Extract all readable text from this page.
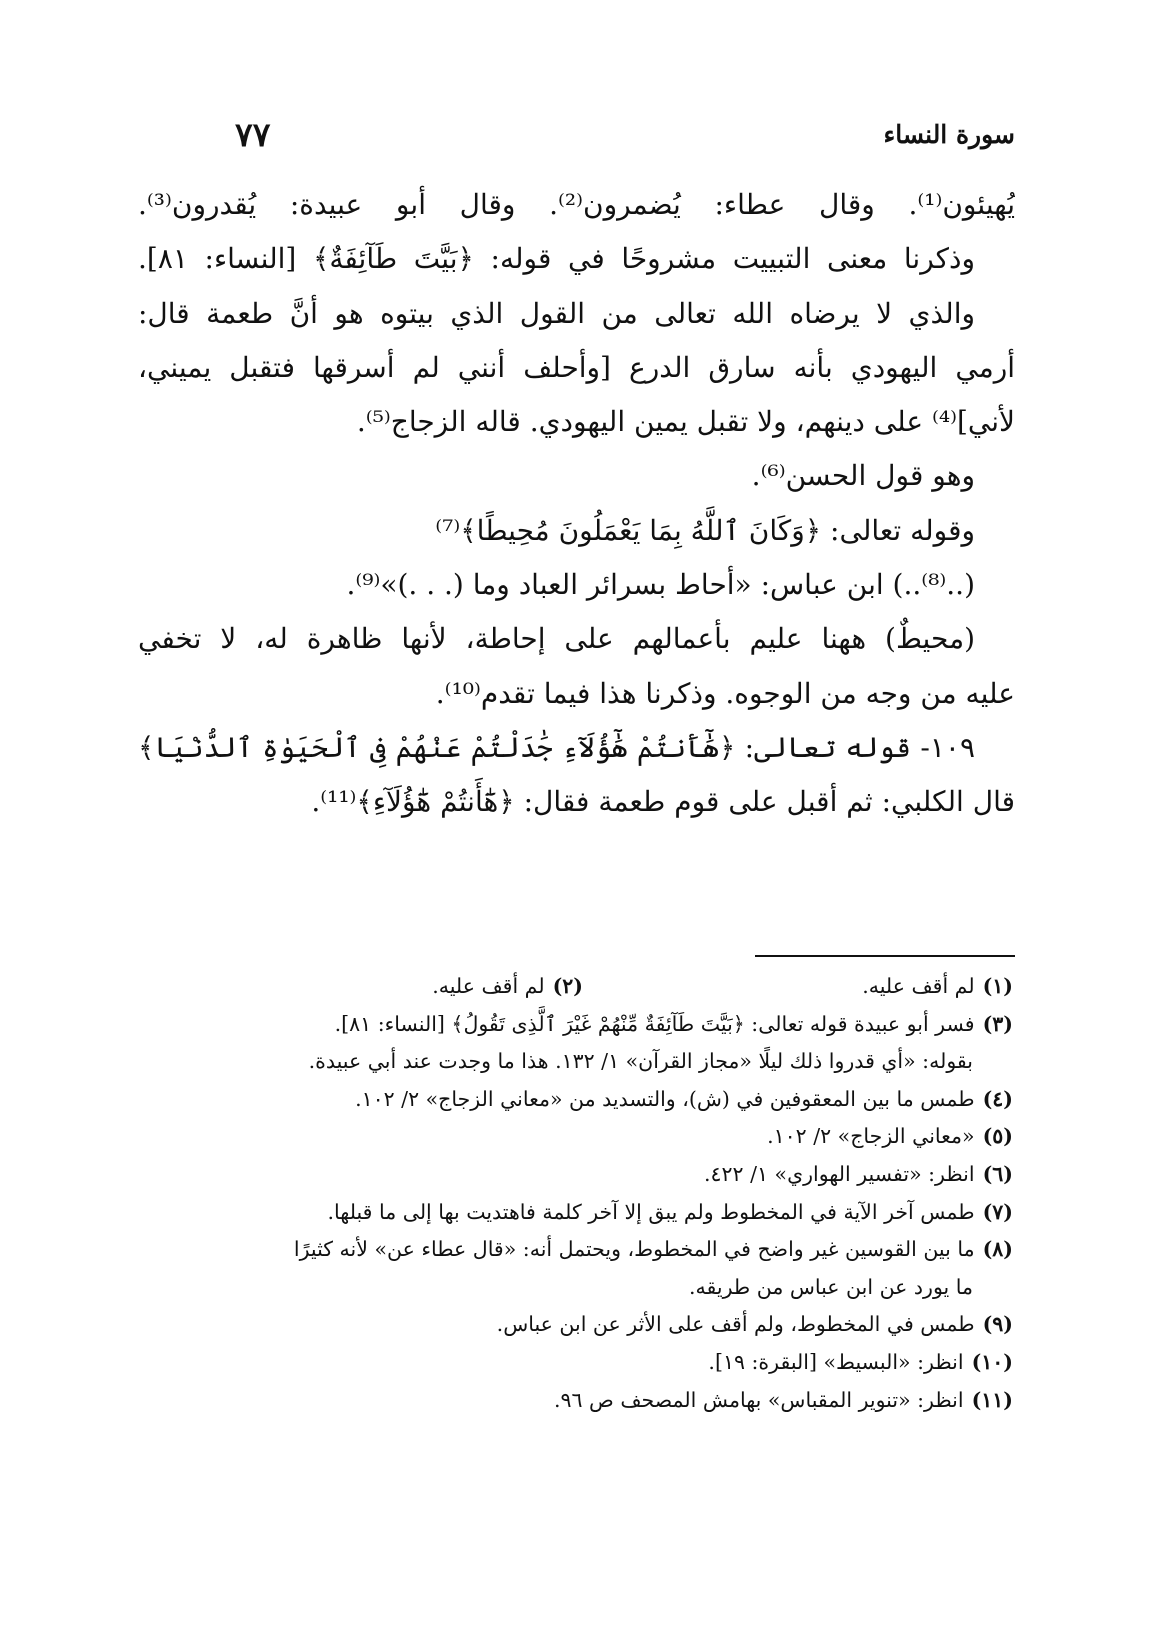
٧٧	سورة النساء
يُهيئون⁽¹⁾. وقال عطاء: يُضمرون⁽²⁾. وقال أبو عبيدة: يُقدرون⁽³⁾.
وذكرنا معنى التبييت مشروحًا في قوله: ﴿بَيَّتَ طَآئِفَةٌ﴾ [النساء: ٨١].
والذي لا يرضاه الله تعالى من القول الذي بيتوه هو أنَّ طعمة قال:
أرمي اليهودي بأنه سارق الدرع [وأحلف أنني لم أسرقها فتقبل يميني،
لأني]⁽⁴⁾ على دينهم، ولا تقبل يمين اليهودي. قاله الزجاج⁽⁵⁾.
وهو قول الحسن⁽⁶⁾.
وقوله تعالى: ﴿وَكَانَ ٱللَّهُ بِمَا يَعْمَلُونَ مُحِيطًا﴾⁽⁷⁾
(..⁽⁸⁾..) ابن عباس: «أحاط بسرائر العباد وما (. . .)»⁽⁹⁾.
(محيطٌ) ههنا عليم بأعمالهم على إحاطة، لأنها ظاهرة له، لا تخفي
عليه من وجه من الوجوه. وذكرنا هذا فيما تقدم⁽¹⁰⁾.
١٠٩- قوله تعالى: ﴿هَٰٓأَنتُمْ هَٰٓؤُلَآءِ جَٰدَلْتُمْ عَنْهُمْ فِى ٱلْحَيَوٰةِ ٱلدُّنْيَا﴾
قال الكلبي: ثم أقبل على قوم طعمة فقال: ﴿هَٰٓأَنتُمْ هَٰٓؤُلَآءِ﴾⁽¹¹⁾.
(١)لم أقف عليه.
(٢)لم أقف عليه.
(٣)فسر أبو عبيدة قوله تعالى: ﴿بَيَّتَ طَآئِفَةٌ مِّنْهُمْ غَيْرَ ٱلَّذِى تَقُولُ﴾ [النساء: ٨١].
بقوله: «أي قدروا ذلك ليلًا «مجاز القرآن» ١/ ١٣٢. هذا ما وجدت عند أبي عبيدة.
(٤)طمس ما بين المعقوفين في (ش)، والتسديد من «معاني الزجاج» ٢/ ١٠٢.
(٥)«معاني الزجاج» ٢/ ١٠٢.
(٦)انظر: «تفسير الهواري» ١/ ٤٢٢.
(٧)طمس آخر الآية في المخطوط ولم يبق إلا آخر كلمة فاهتديت بها إلى ما قبلها.
(٨)ما بين القوسين غير واضح في المخطوط، ويحتمل أنه: «قال عطاء عن» لأنه كثيرًا
ما يورد عن ابن عباس من طريقه.
(٩)طمس في المخطوط، ولم أقف على الأثر عن ابن عباس.
(١٠)انظر: «البسيط» [البقرة: ١٩].
(١١)انظر: «تنوير المقباس» بهامش المصحف ص ٩٦.
